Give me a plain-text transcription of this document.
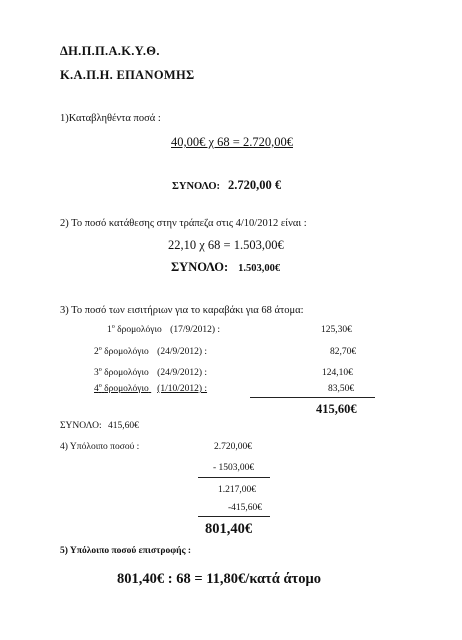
ΔΗ.Π.Π.Α.Κ.Υ.Θ.
Κ.Α.Π.Η. ΕΠΑΝΟΜΗΣ
1)Καταβληθέντα ποσά :
40,00€ χ 68 = 2.720,00€
ΣΥΝΟΛΟ: 2.720,00 €
2) Το ποσό κατάθεσης στην τράπεζα στις 4/10/2012 είναι :
22,10 χ 68 = 1.503,00€
ΣΥΝΟΛΟ: 1.503,00€
3) Το ποσό των εισιτήριων για το καραβάκι για 68 άτομα:
$1^o$ δρομολόγιο (17/9/2012) :	125,30€
$2^o$ δρομολόγιο (24/9/2012) :	82,70€
$3^o$ δρομολόγιο (24/9/2012) :	124,10€
$4^o$ δρομολόγιο (1/10/2012) :	83,50€
415,60€
ΣΥΝΟΛΟ: 415,60€
4) Υπόλοιπο ποσού :	2.720,00€
- 1503,00€
1.217,00€
-415,60€
801,40€
5) Υπόλοιπο ποσού επιστροφής :
801,40€ : 68 = 11,80€/κατά άτομο
